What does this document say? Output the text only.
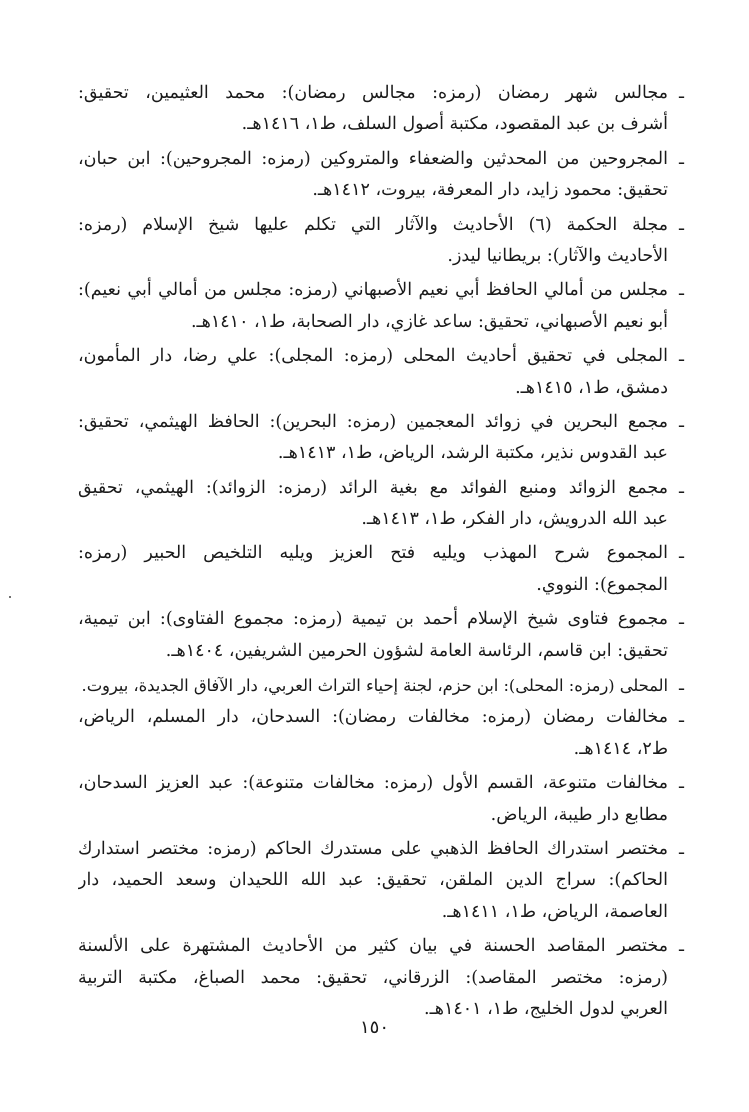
ـ
مجالس شهر رمضان (رمزه: مجالس رمضان): محمد العثيمين، تحقيق:
أشرف بن عبد المقصود، مكتبة أصول السلف، ط١، ١٤١٦هـ.
ـ
المجروحين من المحدثين والضعفاء والمتروكين (رمزه: المجروحين): ابن حبان،
تحقيق: محمود زايد، دار المعرفة، بيروت، ١٤١٢هـ.
ـ
مجلة الحكمة (٦) الأحاديث والآثار التي تكلم عليها شيخ الإسلام (رمزه:
الأحاديث والآثار): بريطانيا ليدز.
ـ
مجلس من أمالي الحافظ أبي نعيم الأصبهاني (رمزه: مجلس من أمالي أبي نعيم):
أبو نعيم الأصبهاني، تحقيق: ساعد غازي، دار الصحابة، ط١، ١٤١٠هـ.
ـ
المجلى في تحقيق أحاديث المحلى (رمزه: المجلى): علي رضا، دار المأمون،
دمشق، ط١، ١٤١٥هـ.
ـ
مجمع البحرين في زوائد المعجمين (رمزه: البحرين): الحافظ الهيثمي، تحقيق:
عبد القدوس نذير، مكتبة الرشد، الرياض، ط١، ١٤١٣هـ.
ـ
مجمع الزوائد ومنبع الفوائد مع بغية الرائد (رمزه: الزوائد): الهيثمي، تحقيق
عبد الله الدرويش، دار الفكر، ط١، ١٤١٣هـ.
ـ
المجموع شرح المهذب ويليه فتح العزيز ويليه التلخيص الحبير (رمزه:
المجموع): النووي.
ـ
مجموع فتاوى شيخ الإسلام أحمد بن تيمية (رمزه: مجموع الفتاوى): ابن تيمية،
تحقيق: ابن قاسم، الرئاسة العامة لشؤون الحرمين الشريفين، ١٤٠٤هـ.
ـ
المحلى (رمزه: المحلى): ابن حزم، لجنة إحياء التراث العربي، دار الآفاق الجديدة، بيروت.
ـ
مخالفات رمضان (رمزه: مخالفات رمضان): السدحان، دار المسلم، الرياض،
ط٢، ١٤١٤هـ.
ـ
مخالفات متنوعة، القسم الأول (رمزه: مخالفات متنوعة): عبد العزيز السدحان،
مطابع دار طيبة، الرياض.
ـ
مختصر استدراك الحافظ الذهبي على مستدرك الحاكم (رمزه: مختصر استدارك
الحاكم): سراج الدين الملقن، تحقيق: عبد الله اللحيدان وسعد الحميد، دار
العاصمة، الرياض، ط١، ١٤١١هـ.
ـ
مختصر المقاصد الحسنة في بيان كثير من الأحاديث المشتهرة على الألسنة
(رمزه: مختصر المقاصد): الزرقاني، تحقيق: محمد الصباغ، مكتبة التربية
العربي لدول الخليج، ط١، ١٤٠١هـ.
١٥٠
